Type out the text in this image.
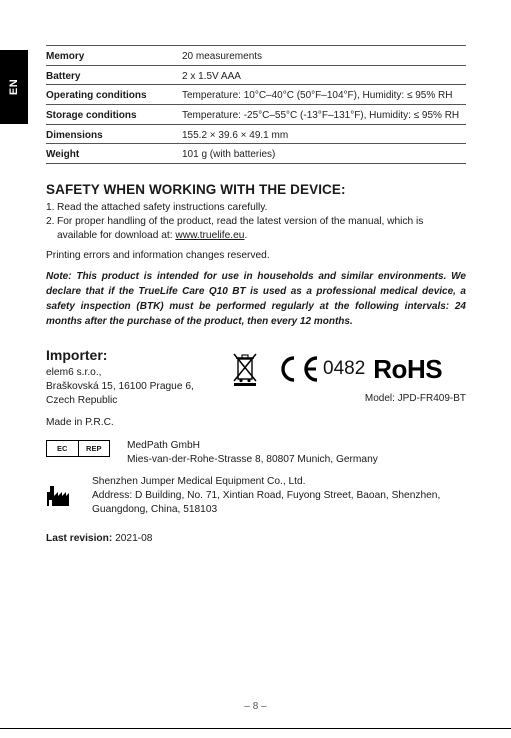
EN
Memory	20 measurements
Battery	2 x 1.5V AAA
Operating conditions	Temperature: 10°C–40°C (50°F–104°F), Humidity: ≤ 95% RH
Storage conditions	Temperature: -25°C–55°C (-13°F–131°F), Humidity: ≤ 95% RH
Dimensions	155.2 × 39.6 × 49.1 mm
Weight	101 g (with batteries)
SAFETY WHEN WORKING WITH THE DEVICE:
1. Read the attached safety instructions carefully.
2. For proper handling of the product, read the latest version of the manual, which is available for download at: www.truelife.eu.

Printing errors and information changes reserved.

Note: This product is intended for use in households and similar environments. We declare that if the TrueLife Care Q10 BT is used as a professional medical device, a safety inspection (BTK) must be performed regularly at the following intervals: 24 months after the purchase of the product, then every 12 months.

Importer:
elem6 s.r.o.,
Braškovská 15, 16100 Prague 6,
Czech Republic
Made in P.R.C.
0482 RoHS
Model: JPD-FR409-BT
EC	REP	MedPath GmbH
Mies-van-der-Rohe-Strasse 8, 80807 Munich, Germany
Shenzhen Jumper Medical Equipment Co., Ltd.
Address: D Building, No. 71, Xintian Road, Fuyong Street, Baoan, Shenzhen, Guangdong, China, 518103

Last revision: 2021-08

– 8 –
